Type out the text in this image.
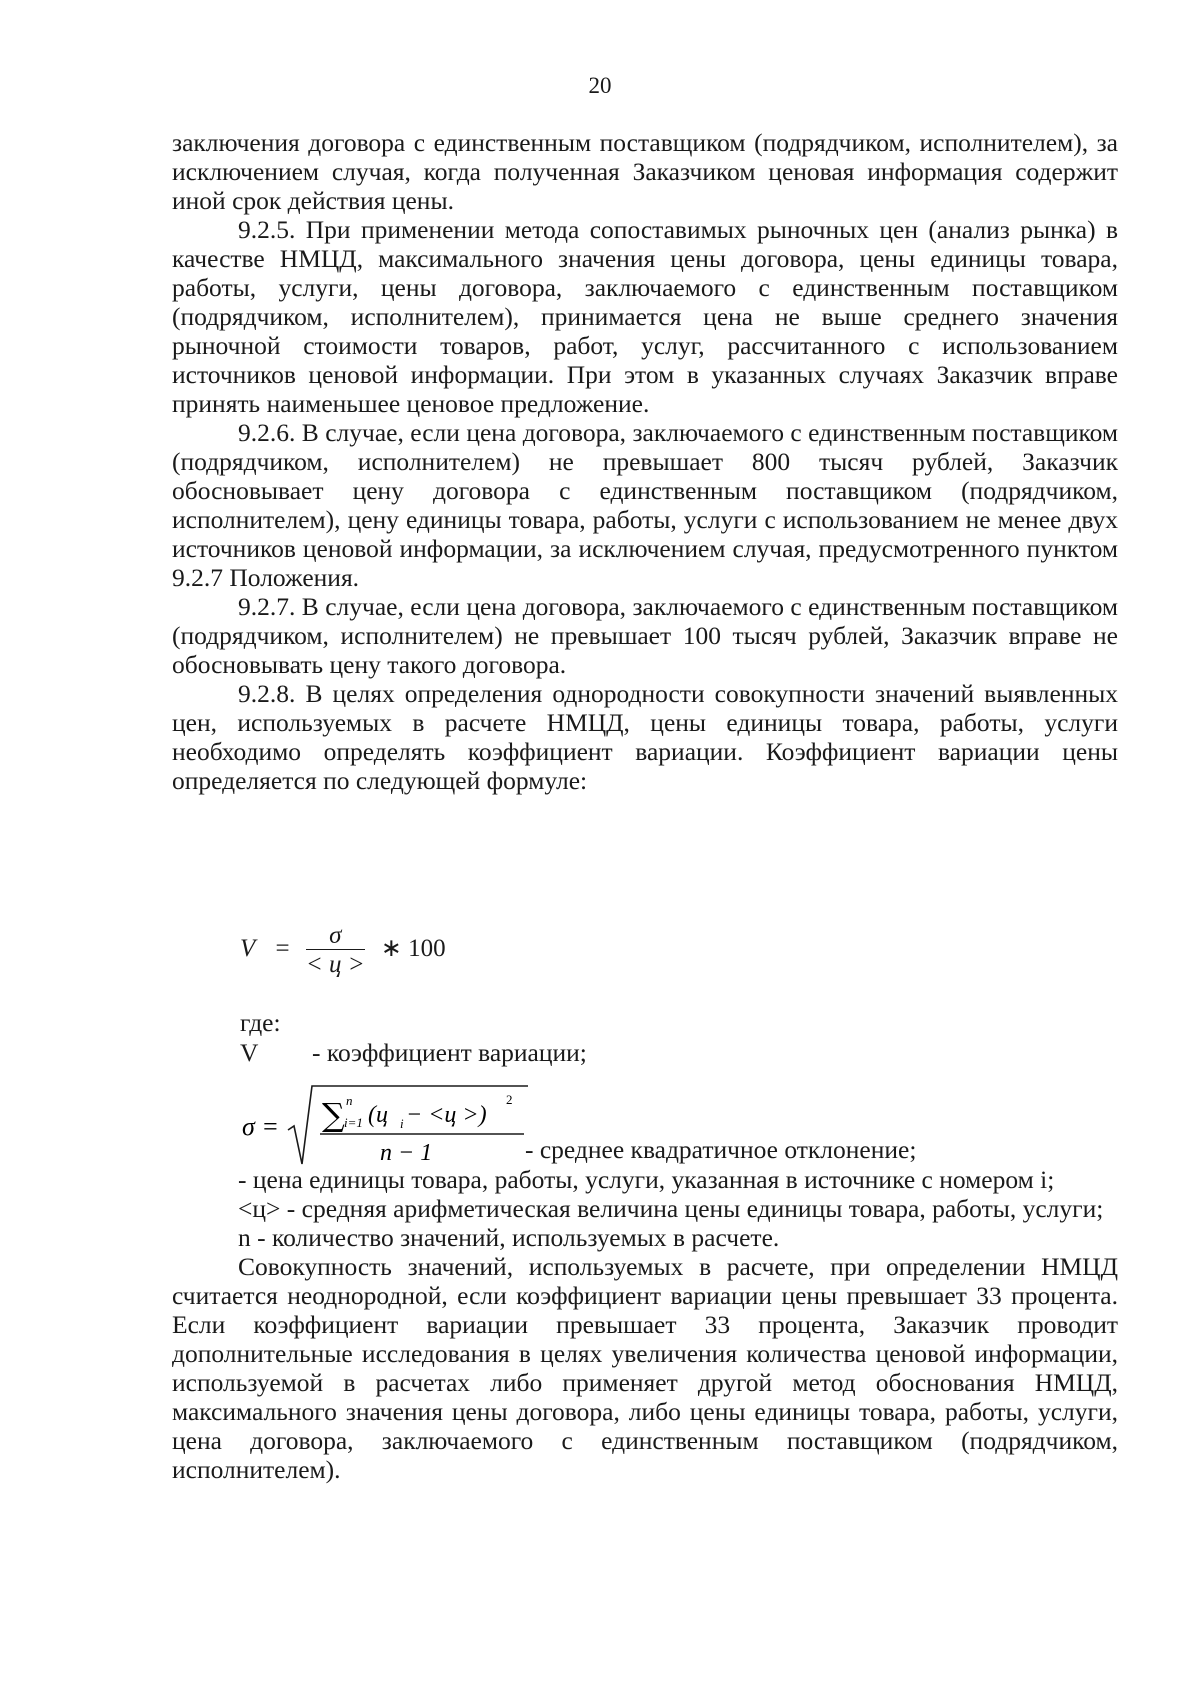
20

заключения договора с единственным поставщиком (подрядчиком, исполнителем), за исключением случая, когда полученная Заказчиком ценовая информация содержит иной срок действия цены.

9.2.5. При применении метода сопоставимых рыночных цен (анализ рынка) в качестве НМЦД, максимального значения цены договора, цены единицы товара, работы, услуги, цены договора, заключаемого с единственным поставщиком (подрядчиком, исполнителем), принимается цена не выше среднего значения рыночной стоимости товаров, работ, услуг, рассчитанного с использованием источников ценовой информации. При этом в указанных случаях Заказчик вправе принять наименьшее ценовое предложение.

9.2.6. В случае, если цена договора, заключаемого с единственным поставщиком (подрядчиком, исполнителем) не превышает 800 тысяч рублей, Заказчик обосновывает цену договора с единственным поставщиком (подрядчиком, исполнителем), цену единицы товара, работы, услуги с использованием не менее двух источников ценовой информации, за исключением случая, предусмотренного пунктом 9.2.7 Положения.

9.2.7. В случае, если цена договора, заключаемого с единственным поставщиком (подрядчиком, исполнителем) не превышает 100 тысяч рублей, Заказчик вправе не обосновывать цену такого договора.

9.2.8. В целях определения однородности совокупности значений выявленных цен, используемых в расчете НМЦД, цены единицы товара, работы, услуги необходимо определять коэффициент вариации. Коэффициент вариации цены определяется по следующей формуле:

$V = \frac{\sigma}{< ц >}$ ∗ 100
где:
V - коэффициент вариации;
σ = ∑ n
i=1 (ц i − <ц >)
2
n − 1	- среднее квадратичное отклонение;

- цена единицы товара, работы, услуги, указанная в источнике с номером i;

<ц> - средняя арифметическая величина цены единицы товара, работы, услуги;

n - количество значений, используемых в расчете.

Совокупность значений, используемых в расчете, при определении НМЦД считается неоднородной, если коэффициент вариации цены превышает 33 процента. Если коэффициент вариации превышает 33 процента, Заказчик проводит дополнительные исследования в целях увеличения количества ценовой информации, используемой в расчетах либо применяет другой метод обоснования НМЦД, максимального значения цены договора, либо цены единицы товара, работы, услуги, цена договора, заключаемого с единственным поставщиком (подрядчиком, исполнителем).
